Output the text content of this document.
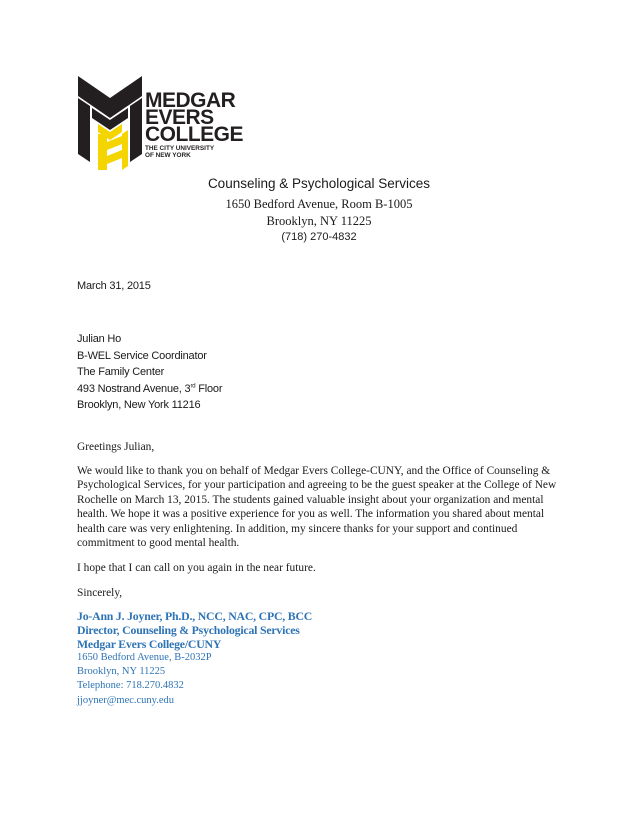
MEDGAR
EVERS
COLLEGE
THE CITY UNIVERSITY
OF NEW YORK
Counseling & Psychological Services
1650 Bedford Avenue, Room B-1005
Brooklyn, NY 11225
(718) 270-4832
March 31, 2015
Julian Ho
B-WEL Service Coordinator
The Family Center
493 Nostrand Avenue, 3rd Floor
Brooklyn, New York 11216
Greetings Julian,
We would like to thank you on behalf of Medgar Evers College-CUNY, and the Office of Counseling & Psychological Services, for your participation and agreeing to be the guest speaker at the College of New Rochelle on March 13, 2015. The students gained valuable insight about your organization and mental health. We hope it was a positive experience for you as well. The information you shared about mental health care was very enlightening. In addition, my sincere thanks for your support and continued commitment to good mental health.
I hope that I can call on you again in the near future.
Sincerely,
Jo-Ann J. Joyner, Ph.D., NCC, NAC, CPC, BCC
Director, Counseling & Psychological Services
Medgar Evers College/CUNY
1650 Bedford Avenue, B-2032P
Brooklyn, NY 11225
Telephone: 718.270.4832
jjoyner@mec.cuny.edu
